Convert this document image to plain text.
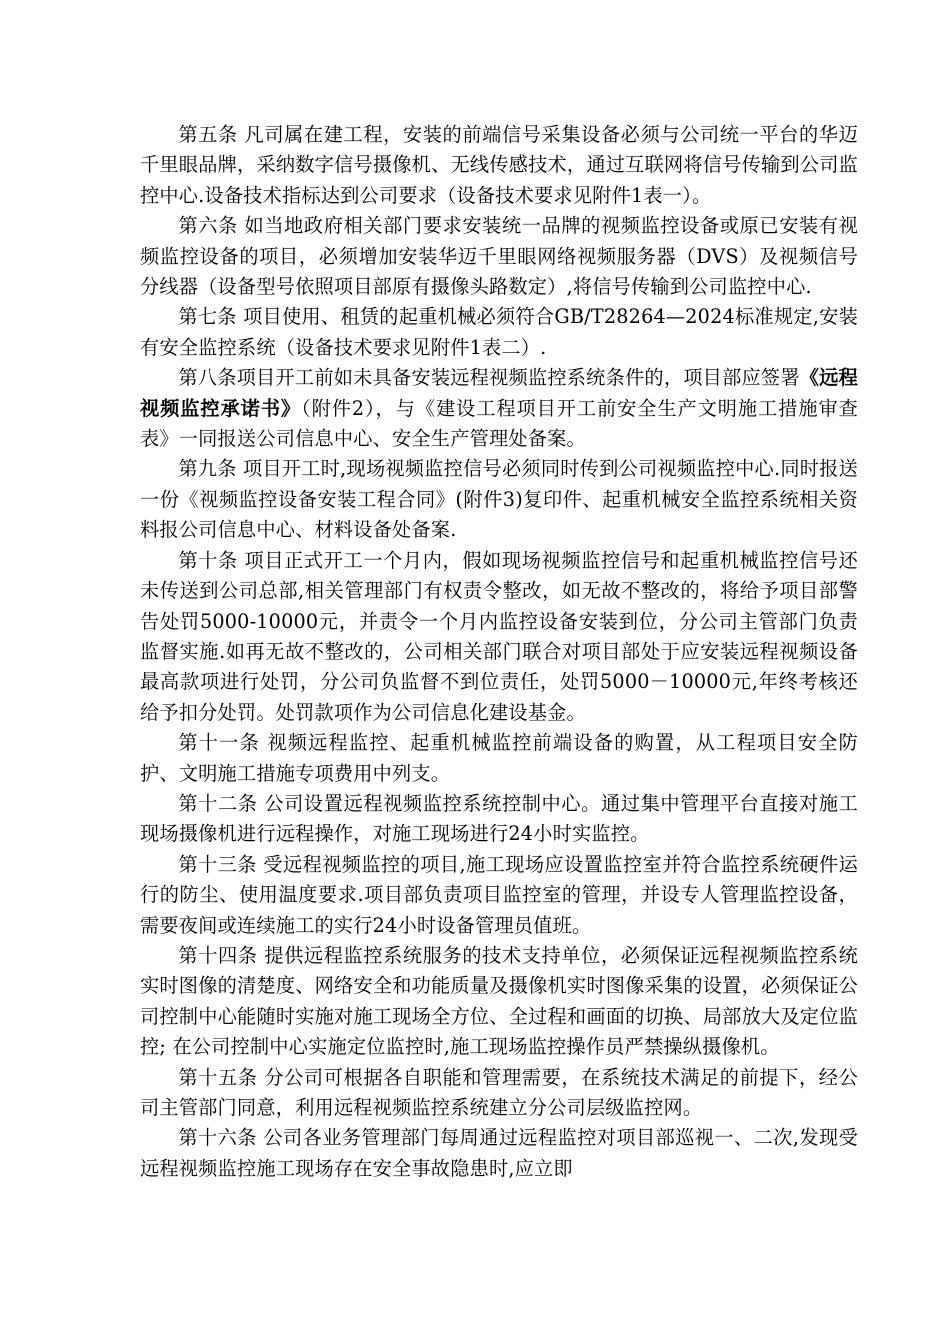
第五条 凡司属在建工程，安装的前端信号采集设备必须与公司统一平台的华迈千里眼品牌，采纳数字信号摄像机、无线传感技术，通过互联网将信号传输到公司监控中心.设备技术指标达到公司要求（设备技术要求见附件1表一）。

第六条 如当地政府相关部门要求安装统一品牌的视频监控设备或原已安装有视频监控设备的项目，必须增加安装华迈千里眼网络视频服务器（DVS）及视频信号分线器（设备型号依照项目部原有摄像头路数定）,将信号传输到公司监控中心.

第七条 项目使用、租赁的起重机械必须符合GB/T28264—2024标准规定,安装有安全监控系统（设备技术要求见附件1表二）.

第八条项目开工前如未具备安装远程视频监控系统条件的，项目部应签署《远程视频监控承诺书》（附件2），与《建设工程项目开工前安全生产文明施工措施审查表》一同报送公司信息中心、安全生产管理处备案。

第九条 项目开工时,现场视频监控信号必须同时传到公司视频监控中心.同时报送一份《视频监控设备安装工程合同》(附件3)复印件、起重机械安全监控系统相关资料报公司信息中心、材料设备处备案.

第十条 项目正式开工一个月内，假如现场视频监控信号和起重机械监控信号还未传送到公司总部,相关管理部门有权责令整改，如无故不整改的，将给予项目部警告处罚5000-10000元，并责令一个月内监控设备安装到位，分公司主管部门负责监督实施.如再无故不整改的，公司相关部门联合对项目部处于应安装远程视频设备最高款项进行处罚，分公司负监督不到位责任，处罚5000－10000元,年终考核还给予扣分处罚。处罚款项作为公司信息化建设基金。

第十一条 视频远程监控、起重机械监控前端设备的购置，从工程项目安全防护、文明施工措施专项费用中列支。

第十二条 公司设置远程视频监控系统控制中心。通过集中管理平台直接对施工现场摄像机进行远程操作，对施工现场进行24小时实监控。

第十三条 受远程视频监控的项目,施工现场应设置监控室并符合监控系统硬件运行的防尘、使用温度要求.项目部负责项目监控室的管理，并设专人管理监控设备，需要夜间或连续施工的实行24小时设备管理员值班。

第十四条 提供远程监控系统服务的技术支持单位，必须保证远程视频监控系统实时图像的清楚度、网络安全和功能质量及摄像机实时图像采集的设置，必须保证公司控制中心能随时实施对施工现场全方位、全过程和画面的切换、局部放大及定位监控; 在公司控制中心实施定位监控时,施工现场监控操作员严禁操纵摄像机。

第十五条 分公司可根据各自职能和管理需要，在系统技术满足的前提下，经公司主管部门同意，利用远程视频监控系统建立分公司层级监控网。

第十六条 公司各业务管理部门每周通过远程监控对项目部巡视一、二次,发现受远程视频监控施工现场存在安全事故隐患时,应立即
